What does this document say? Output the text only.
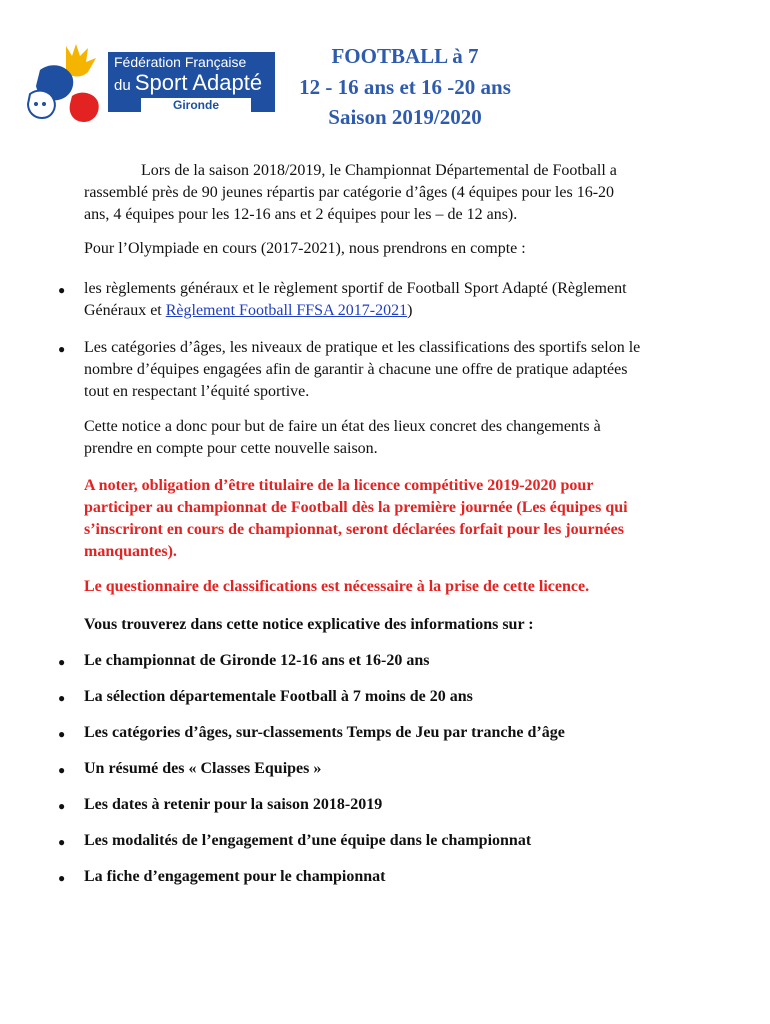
Fédération Française
du Sport Adapté
Gironde
FOOTBALL à 7
12 - 16 ans et 16 -20 ans
Saison 2019/2020
Lors de la saison 2018/2019, le Championnat Départemental de Football a
rassemblé près de 90 jeunes répartis par catégorie d’âges (4 équipes pour les 16-20
ans, 4 équipes pour les 12-16 ans et 2 équipes pour les – de 12 ans).
Pour l’Olympiade en cours (2017-2021), nous prendrons en compte :
● les règlements généraux et le règlement sportif de Football Sport Adapté (Règlement
Généraux et Règlement Football FFSA 2017-2021)
● Les catégories d’âges, les niveaux de pratique et les classifications des sportifs selon le
nombre d’équipes engagées afin de garantir à chacune une offre de pratique adaptées
tout en respectant l’équité sportive.
Cette notice a donc pour but de faire un état des lieux concret des changements à
prendre en compte pour cette nouvelle saison.
A noter, obligation d’être titulaire de la licence compétitive 2019-2020 pour
participer au championnat de Football dès la première journée (Les équipes qui
s’inscriront en cours de championnat, seront déclarées forfait pour les journées
manquantes).
Le questionnaire de classifications est nécessaire à la prise de cette licence.
Vous trouverez dans cette notice explicative des informations sur :
● Le championnat de Gironde 12-16 ans et 16-20 ans
● La sélection départementale Football à 7 moins de 20 ans
● Les catégories d’âges, sur-classements Temps de Jeu par tranche d’âge
● Un résumé des « Classes Equipes »
● Les dates à retenir pour la saison 2018-2019
● Les modalités de l’engagement d’une équipe dans le championnat
● La fiche d’engagement pour le championnat
